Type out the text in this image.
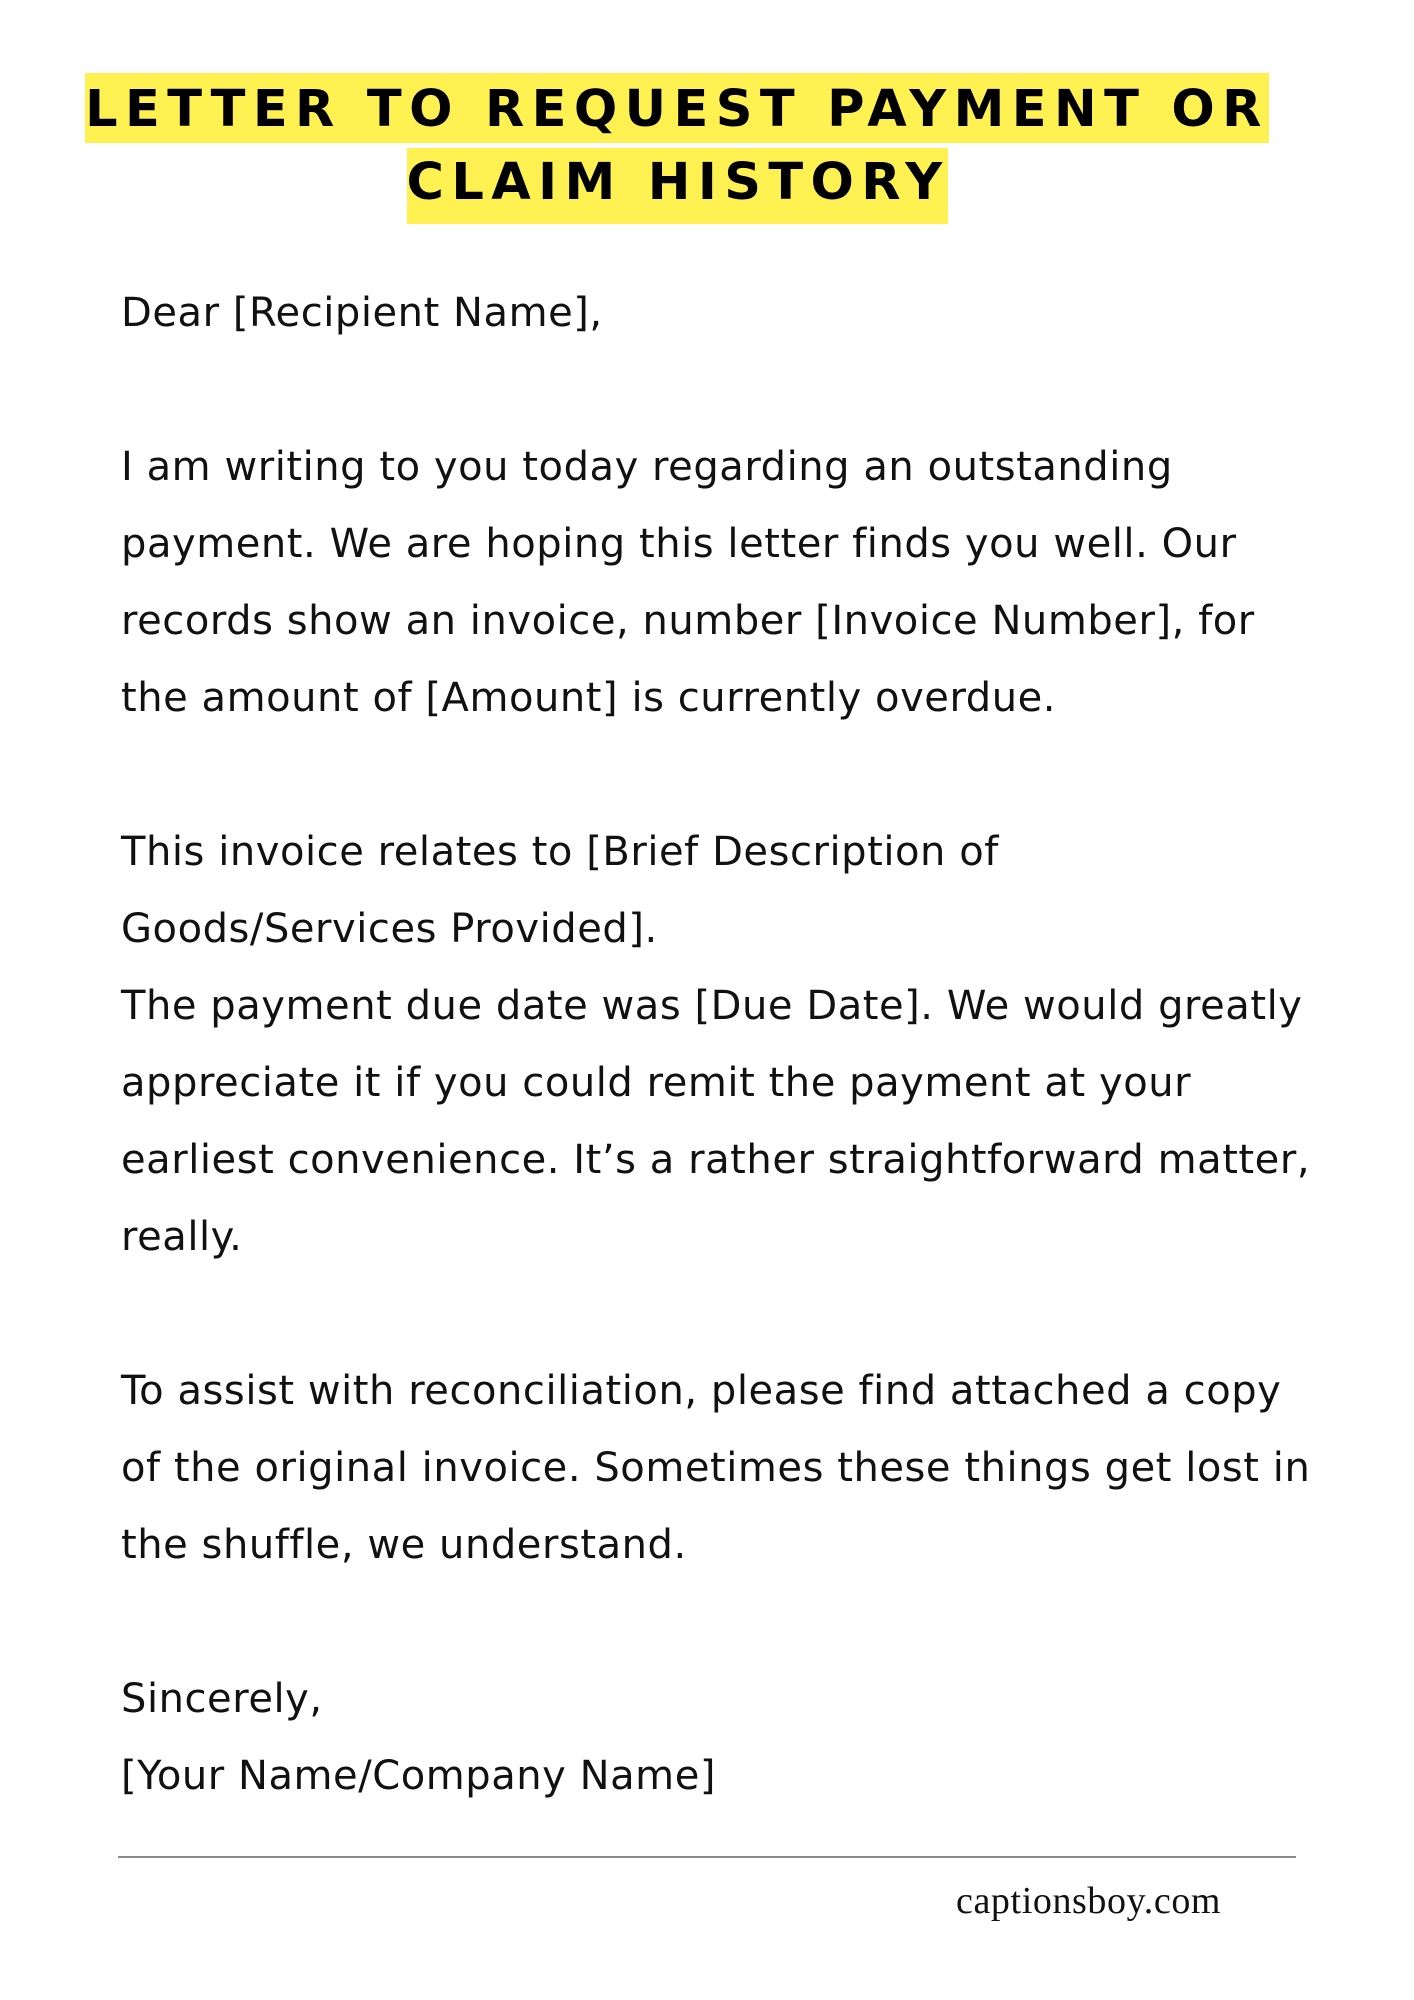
LETTER TO REQUEST PAYMENT OR
CLAIM HISTORY
Dear [Recipient Name],
I am writing to you today regarding an outstanding
payment. We are hoping this letter finds you well. Our
records show an invoice, number [Invoice Number], for
the amount of [Amount] is currently overdue.
This invoice relates to [Brief Description of
Goods/Services Provided].
The payment due date was [Due Date]. We would greatly
appreciate it if you could remit the payment at your
earliest convenience. It’s a rather straightforward matter,
really.
To assist with reconciliation, please find attached a copy
of the original invoice. Sometimes these things get lost in
the shuffle, we understand.
Sincerely,
[Your Name/Company Name]
captionsboy.com
